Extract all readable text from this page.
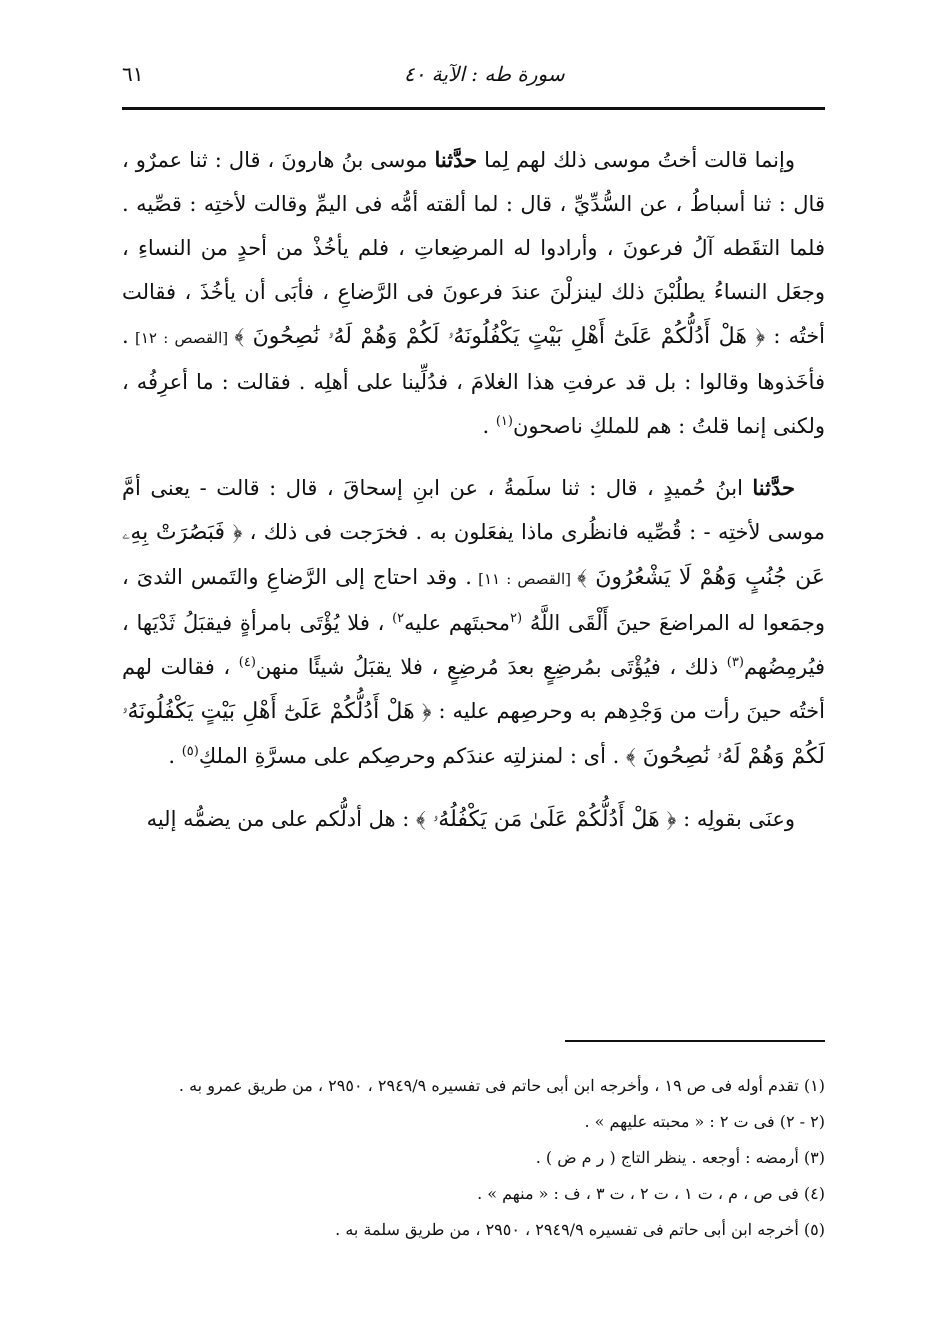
سورة طه : الآية ٤٠
٦١

وإنما قالت أختُ موسى ذلك لهم لِما حدَّثنا موسى بنُ هارونَ ، قال : ثنا عمرٌو ، قال : ثنا أسباطُ ، عن السُّدِّيِّ ، قال : لما ألقته أمُّه فى اليمِّ وقالت لأختِه : قصِّيه . فلما التقَطه آلُ فرعونَ ، وأرادوا له المرضِعاتِ ، فلم يأخُذْ من أحدٍ من النساءِ ، وجعَل النساءُ يطلُبْنَ ذلك لينزلْنَ عندَ فرعونَ فى الرَّضاعِ ، فأبَى أن يأخُذَ ، فقالت أختُه : ﴿ هَلْ أَدُلُّكُمْ عَلَىٰٓ أَهْلِ بَيْتٍ يَكْفُلُونَهُۥ لَكُمْ وَهُمْ لَهُۥ نَٰصِحُونَ ﴾ [القصص : ١٢] . فأخَذوها وقالوا : بل قد عرفتِ هذا الغلامَ ، فدُلِّينا على أهلِه . فقالت : ما أعرِفُه ، ولكنى إنما قلتُ : هم للملكِ ناصحون$^{(١)}$ .

حدَّثنا ابنُ حُميدٍ ، قال : ثنا سلَمةُ ، عن ابنِ إسحاقَ ، قال : قالت - يعنى أمَّ موسى لأختِه - : قُصِّيه فانظُرى ماذا يفعَلون به . فخرَجت فى ذلك ، ﴿ فَبَصُرَتْ بِهِۦ عَن جُنُبٍ وَهُمْ لَا يَشْعُرُونَ ﴾ [القصص : ١١] . وقد احتاج إلى الرَّضاعِ والتَمس الثدىَ ، وجمَعوا له المراضعَ حينَ أَلْقَى اللَّهُ $^{(٢}$محبتَهم عليه$^{٢)}$ ، فلا يُؤْتَى بامرأةٍ فيقبَلُ ثَدْيَها ، فيُرمِضُهم$^{(٣)}$ ذلك ، فيُؤْتَى بمُرضِعٍ بعدَ مُرضِعٍ ، فلا يقبَلُ شيئًا منهن$^{(٤)}$ ، فقالت لهم أختُه حينَ رأت من وَجْدِهم به وحرصِهم عليه : ﴿ هَلْ أَدُلُّكُمْ عَلَىٰٓ أَهْلِ بَيْتٍ يَكْفُلُونَهُۥ لَكُمْ وَهُمْ لَهُۥ نَٰصِحُونَ ﴾ . أى : لمنزلتِه عندَكم وحرصِكم على مسرَّةِ الملكِ$^{(٥)}$ .

وعنَى بقولِه : ﴿ هَلْ أَدُلُّكُمْ عَلَىٰ مَن يَكْفُلُهُۥ ﴾ : هل أدلُّكم على من يضمُّه إليه

(١) تقدم أوله فى ص ١٩ ، وأخرجه ابن أبى حاتم فى تفسيره ٢٩٤٩/٩ ، ٢٩٥٠ ، من طريق عمرو به .

(٢ - ٢) فى ت ٢ : « محبته عليهم » .

(٣) أرمضه : أوجعه . ينظر التاج ( ر م ض ) .

(٤) فى ص ، م ، ت ١ ، ت ٢ ، ت ٣ ، ف : « منهم » .

(٥) أخرجه ابن أبى حاتم فى تفسيره ٢٩٤٩/٩ ، ٢٩٥٠ ، من طريق سلمة به .
